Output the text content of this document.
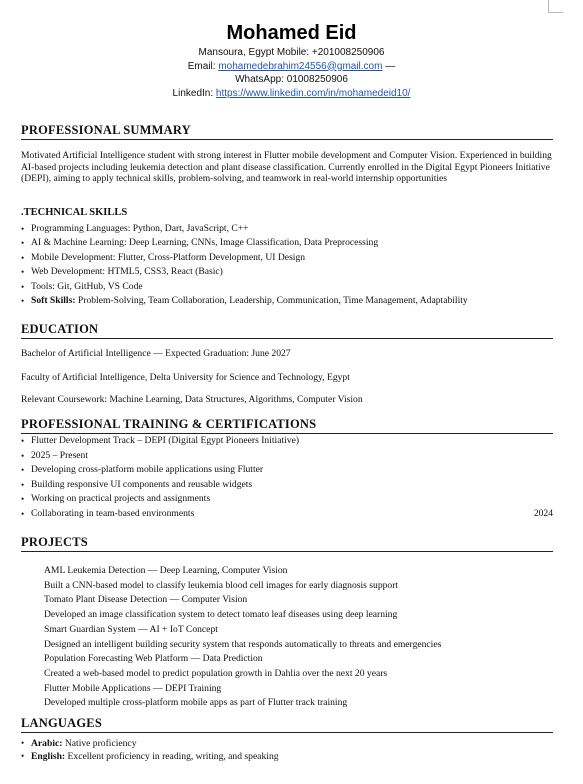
Mohamed Eid
Mansoura, Egypt Mobile: +201008250906
Email: mohamedebrahim24556@gmail.com —
WhatsApp: 01008250906
LinkedIn: https://www.linkedin.com/in/mohamedeid10/
PROFESSIONAL SUMMARY
Motivated Artificial Intelligence student with strong interest in Flutter mobile development and Computer Vision. Experienced in building AI-based projects including leukemia detection and plant disease classification. Currently enrolled in the Digital Egypt Pioneers Initiative (DEPI), aiming to apply technical skills, problem-solving, and teamwork in real-world internship opportunities
.TECHNICAL SKILLS
• Programming Languages: Python, Dart, JavaScript, C++
• AI & Machine Learning: Deep Learning, CNNs, Image Classification, Data Preprocessing
• Mobile Development: Flutter, Cross-Platform Development, UI Design
• Web Development: HTML5, CSS3, React (Basic)
• Tools: Git, GitHub, VS Code
• Soft Skills: Problem-Solving, Team Collaboration, Leadership, Communication, Time Management, Adaptability
EDUCATION
Bachelor of Artificial Intelligence — Expected Graduation: June 2027
Faculty of Artificial Intelligence, Delta University for Science and Technology, Egypt
Relevant Coursework: Machine Learning, Data Structures, Algorithms, Computer Vision
PROFESSIONAL TRAINING & CERTIFICATIONS
• Flutter Development Track – DEPI (Digital Egypt Pioneers Initiative)
• 2025 – Present
• Developing cross-platform mobile applications using Flutter
• Building responsive UI components and reusable widgets
• Working on practical projects and assignments
• Collaborating in team-based environments	2024
PROJECTS
AML Leukemia Detection — Deep Learning, Computer Vision
Built a CNN-based model to classify leukemia blood cell images for early diagnosis support
Tomato Plant Disease Detection — Computer Vision
Developed an image classification system to detect tomato leaf diseases using deep learning
Smart Guardian System — AI + IoT Concept
Designed an intelligent building security system that responds automatically to threats and emergencies
Population Forecasting Web Platform — Data Prediction
Created a web-based model to predict population growth in Dahlia over the next 20 years
Flutter Mobile Applications — DEPI Training
Developed multiple cross-platform mobile apps as part of Flutter track training
LANGUAGES
• Arabic: Native proficiency
• English: Excellent proficiency in reading, writing, and speaking
